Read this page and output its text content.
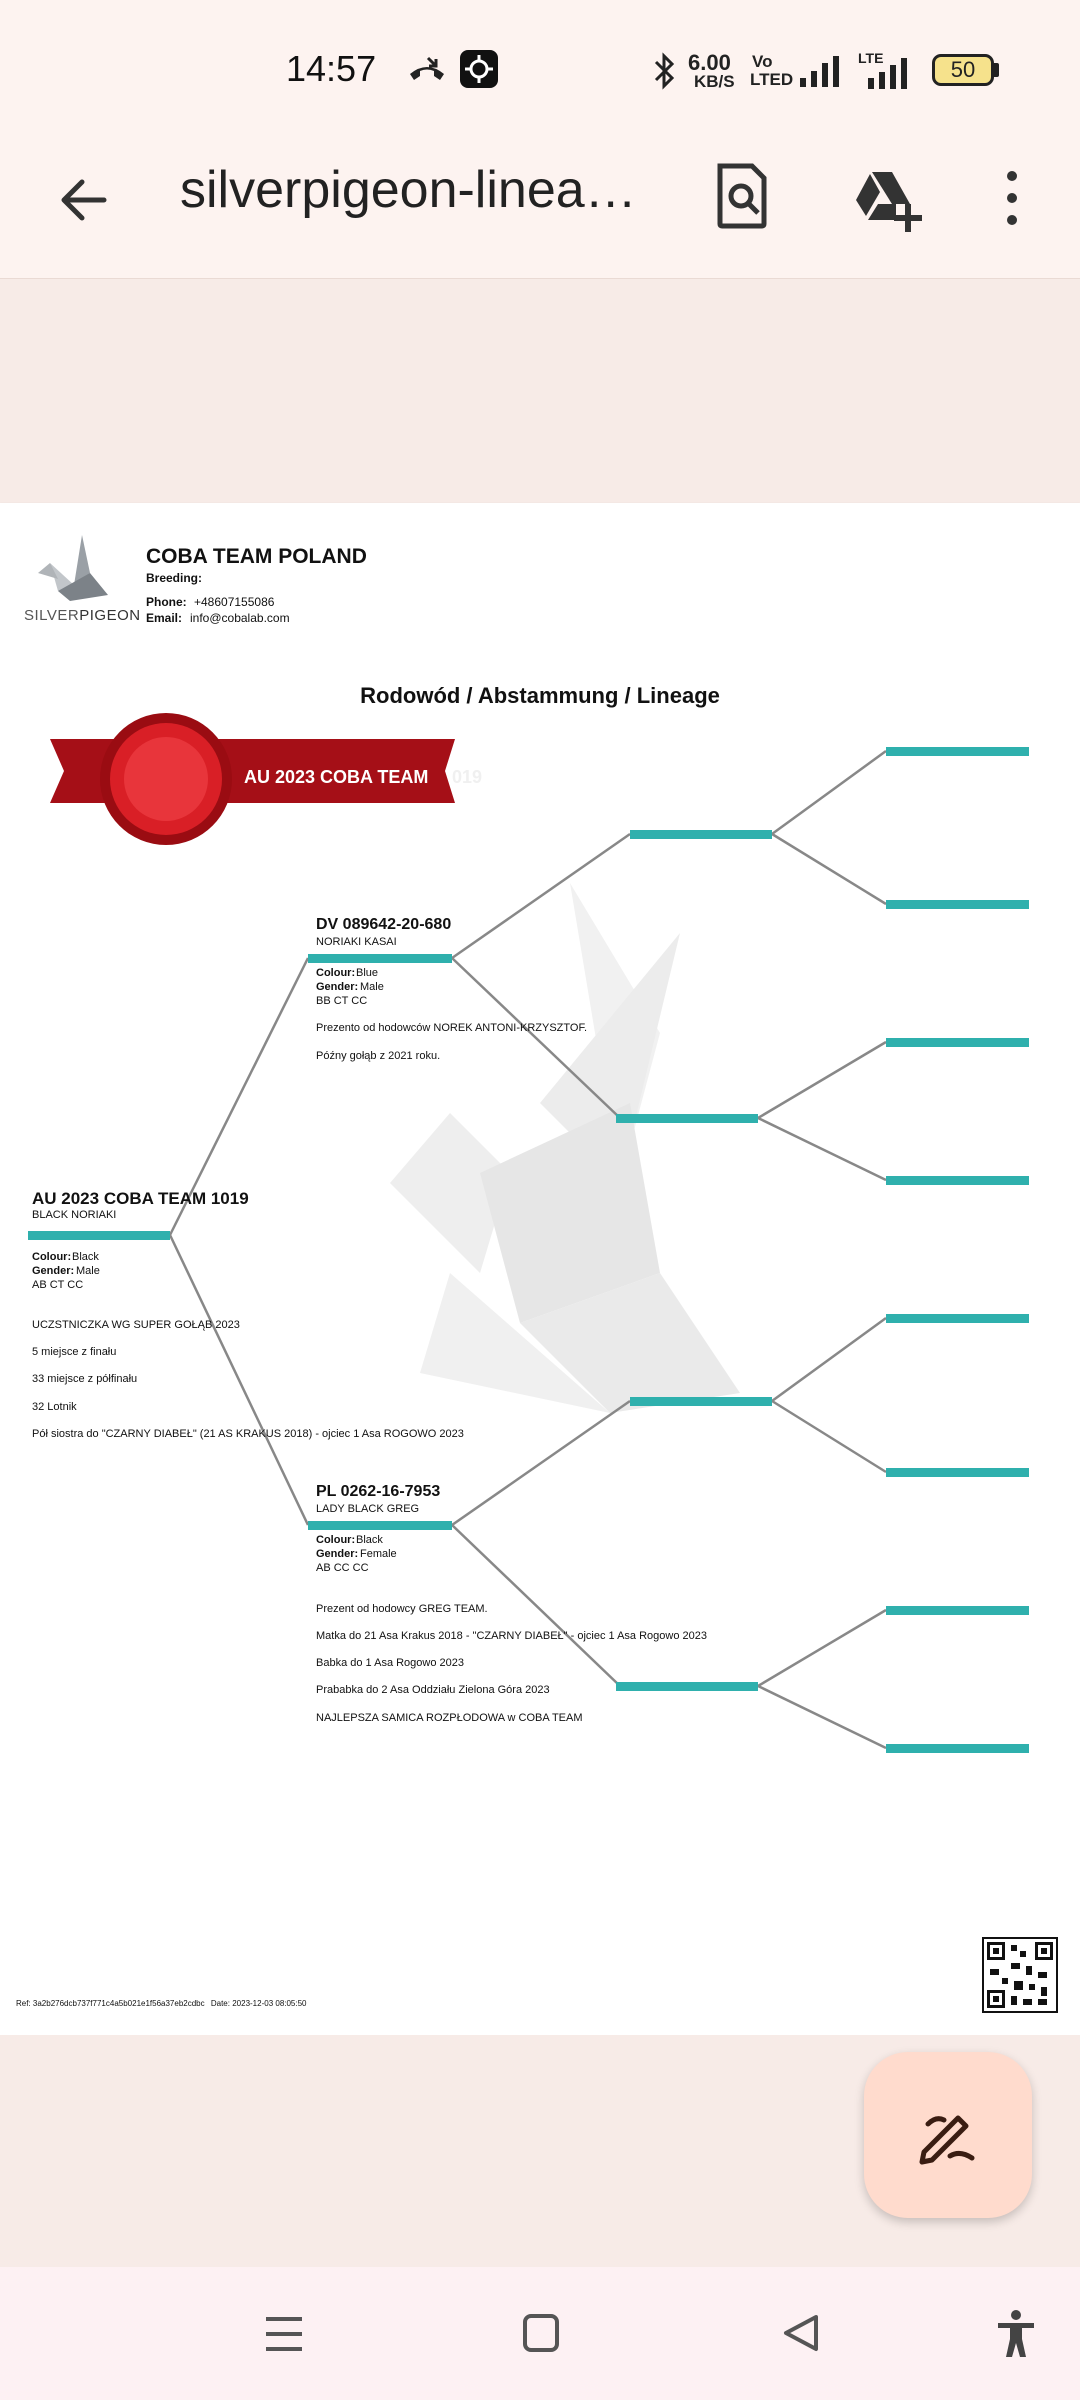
14:57	6.00
KB/S
Vo
LTED
LTE	50
silverpigeon-linea…
SILVERPIGEON
COBA TEAM POLAND
Breeding:
Phone: +48607155086
Email: info@cobalab.com
Rodowód / Abstammung / Lineage
AU 2023 COBA TEAM 019
AU 2023 COBA TEAM 1019
BLACK NORIAKI
Colour: Black
Gender: Male
AB CT CC
UCZSTNICZKA WG SUPER GOŁĄB 2023
5 miejsce z finału
33 miejsce z półfinału
32 Lotnik
Pół siostra do "CZARNY DIABEŁ" (21 AS KRAKUS 2018) - ojciec 1 Asa ROGOWO 2023
DV 089642-20-680
NORIAKI KASAI
Colour: Blue
Gender: Male
BB CT CC
Prezento od hodowców NOREK ANTONI-KRZYSZTOF.
Późny gołąb z 2021 roku.
PL 0262-16-7953
LADY BLACK GREG
Colour: Black
Gender: Female
AB CC CC
Prezent od hodowcy GREG TEAM.
Matka do 21 Asa Krakus 2018 - "CZARNY DIABEŁ" - ojciec 1 Asa Rogowo 2023
Babka do 1 Asa Rogowo 2023
Prababka do 2 Asa Oddziału Zielona Góra 2023
NAJLEPSZA SAMICA ROZPŁODOWA w COBA TEAM
Ref: 3a2b276dcb737f771c4a5b021e1f56a37eb2cdbc Date: 2023-12-03 08:05:50
